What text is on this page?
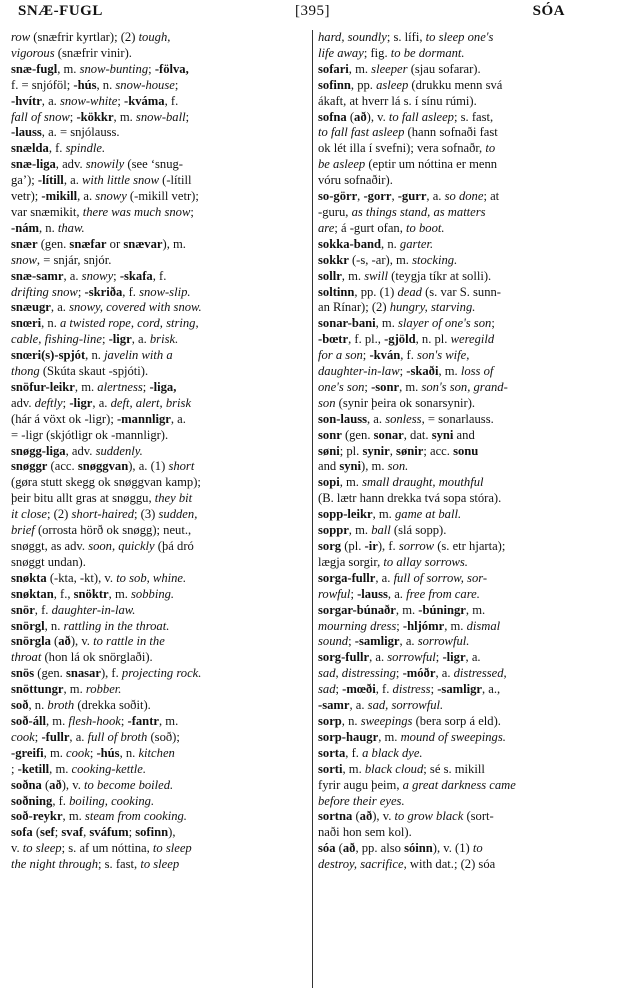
SNÆ-FUGL	[395]	SÓA
row (snæfrir kyrtlar); (2) tough,
vigorous (snæfrir vinir).
snæ-fugl, m. snow-bunting; -fölva,
f. = snjóföl; -hús, n. snow-house;
-hvítr, a. snow-white; -kváma, f.
fall of snow; -kökkr, m. snow-ball;
-lauss, a. = snjólauss.
snælda, f. spindle.
snæ-liga, adv. snowily (see ‘snug-
ga’); -lítill, a. with little snow (-lítill
vetr); -mikill, a. snowy (-mikill vetr);
var snæmikit, there was much snow;
-nám, n. thaw.
snær (gen. snæfar or snævar), m.
snow, = snjár, snjór.
snæ-samr, a. snowy; -skafa, f.
drifting snow; -skriða, f. snow-slip.
snæugr, a. snowy, covered with snow.
snœri, n. a twisted rope, cord, string,
cable, fishing-line; -ligr, a. brisk.
snœri(s)-spjót, n. javelin with a
thong (Skúta skaut -spjóti).
snöfur-leikr, m. alertness; -liga,
adv. deftly; -ligr, a. deft, alert, brisk
(hár á vöxt ok -ligr); -mannligr, a.
= -ligr (skjótligr ok -mannligr).
snøgg-liga, adv. suddenly.
snøggr (acc. snøggvan), a. (1) short
(gøra stutt skegg ok snøggvan kamp);
þeir bitu allt gras at snøggu, they bit
it close; (2) short-haired; (3) sudden,
brief (orrosta hörð ok snøgg); neut.,
snøggt, as adv. soon, quickly (þá dró
snøggt undan).
snøkta (-kta, -kt), v. to sob, whine.
snøktan, f., snöktr, m. sobbing.
snör, f. daughter-in-law.
snörgl, n. rattling in the throat.
snörgla (að), v. to rattle in the
throat (hon lá ok snörglaði).
snös (gen. snasar), f. projecting rock.
snöttungr, m. robber.
soð, n. broth (drekka soðit).
soð-áll, m. flesh-hook; -fantr, m.
cook; -fullr, a. full of broth (soð);
-greifi, m. cook; -hús, n. kitchen
; -ketill, m. cooking-kettle.
soðna (að), v. to become boiled.
soðning, f. boiling, cooking.
soð-reykr, m. steam from cooking.
sofa (sef; svaf, sváfum; sofinn),
v. to sleep; s. af um nóttina, to sleep
the night through; s. fast, to sleep
hard, soundly; s. lífi, to sleep one's
life away; fig. to be dormant.
sofari, m. sleeper (sjau sofarar).
sofinn, pp. asleep (drukku menn svá
ákaft, at hverr lá s. í sínu rúmi).
sofna (að), v. to fall asleep; s. fast,
to fall fast asleep (hann sofnaði fast
ok lét illa í svefni); vera sofnaðr, to
be asleep (eptir um nóttina er menn
vóru sofnaðir).
so-görr, -gorr, -gurr, a. so done; at
-guru, as things stand, as matters
are; á -gurt ofan, to boot.
sokka-band, n. garter.
sokkr (-s, -ar), m. stocking.
sollr, m. swill (teygja tíkr at solli).
soltinn, pp. (1) dead (s. var S. sunn-
an Rínar); (2) hungry, starving.
sonar-bani, m. slayer of one's son;
-bœtr, f. pl., -gjöld, n. pl. weregild
for a son; -kván, f. son's wife,
daughter-in-law; -skaði, m. loss of
one's son; -sonr, m. son's son, grand-
son (synir þeira ok sonarsynir).
son-lauss, a. sonless, = sonarlauss.
sonr (gen. sonar, dat. syni and
søni; pl. synir, sønir; acc. sonu
and syni), m. son.
sopi, m. small draught, mouthful
(B. lætr hann drekka tvá sopa stóra).
sopp-leikr, m. game at ball.
soppr, m. ball (slá sopp).
sorg (pl. -ir), f. sorrow (s. etr hjarta);
lægja sorgir, to allay sorrows.
sorga-fullr, a. full of sorrow, sor-
rowful; -lauss, a. free from care.
sorgar-búnaðr, m. -búningr, m.
mourning dress; -hljómr, m. dismal
sound; -samligr, a. sorrowful.
sorg-fullr, a. sorrowful; -ligr, a.
sad, distressing; -móðr, a. distressed,
sad; -mœði, f. distress; -samligr, a.,
-samr, a. sad, sorrowful.
sorp, n. sweepings (bera sorp á eld).
sorp-haugr, m. mound of sweepings.
sorta, f. a black dye.
sorti, m. black cloud; sé s. mikill
fyrir augu þeim, a great darkness came
before their eyes.
sortna (að), v. to grow black (sort-
naði hon sem kol).
sóa (að, pp. also sóinn), v. (1) to
destroy, sacrifice, with dat.; (2) sóa
